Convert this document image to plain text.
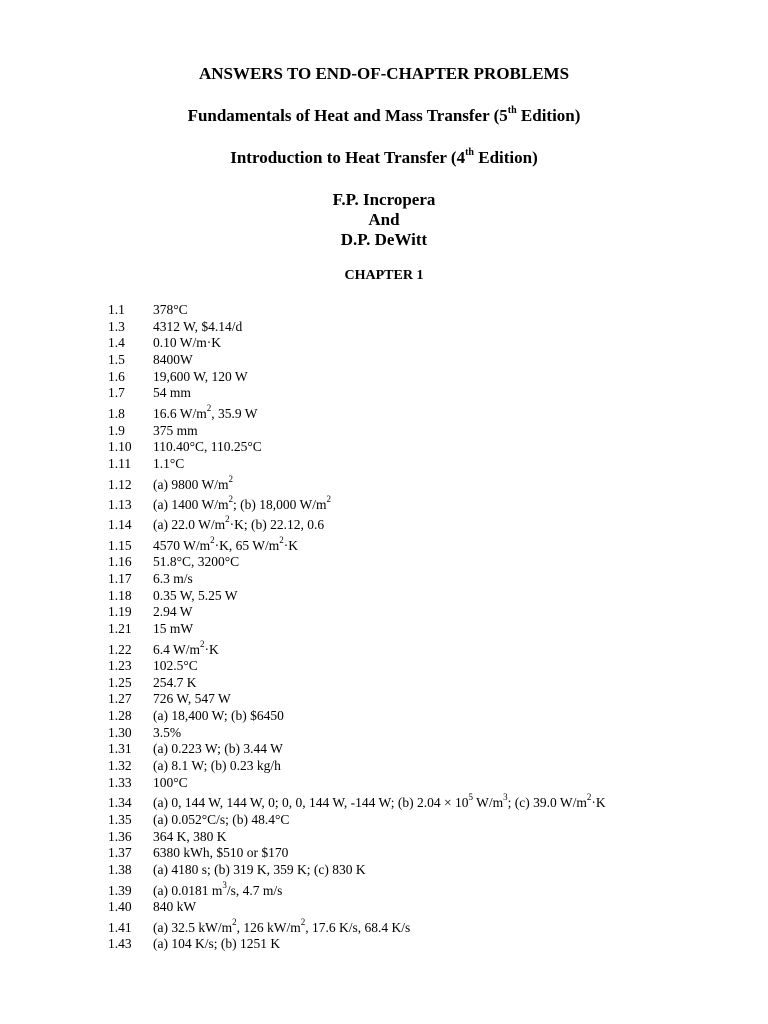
ANSWERS TO END-OF-CHAPTER PROBLEMS
Fundamentals of Heat and Mass Transfer (5th Edition)
Introduction to Heat Transfer (4th Edition)
F.P. Incropera
And
D.P. DeWitt
CHAPTER 1
1.1 378°C
1.3 4312 W, $4.14/d
1.4 0.10 W/m·K
1.5 8400W
1.6 19,600 W, 120 W
1.7 54 mm
1.8 16.6 $W/m^2$, 35.9 W
1.9 375 mm
1.10 110.40°C, 110.25°C
1.11 1.1°C
1.12 (a) 9800 $W/m^2$
1.13 (a) 1400 $W/m^2$; (b) 18,000 $W/m^2$
1.14 (a) 22.0 $W/m^2\cdot K$; (b) 22.12, 0.6
1.15 4570 $W/m^2\cdot K$, 65 $W/m^2\cdot K$
1.16 51.8°C, 3200°C
1.17 6.3 m/s
1.18 0.35 W, 5.25 W
1.19 2.94 W
1.21 15 mW
1.22 6.4 $W/m^2\cdot K$
1.23 102.5°C
1.25 254.7 K
1.27 726 W, 547 W
1.28 (a) 18,400 W; (b) $6450
1.30 3.5%
1.31 (a) 0.223 W; (b) 3.44 W
1.32 (a) 8.1 W; (b) 0.23 kg/h
1.33 100°C
1.34 (a) 0, 144 W, 144 W, 0; 0, 0, 144 W, -144 W; (b) $2.04 \times 10^5$ $W/m^3$; (c) 39.0 $W/m^2\cdot K$
1.35 (a) 0.052°C/s; (b) 48.4°C
1.36 364 K, 380 K
1.37 6380 kWh, $510 or $170
1.38 (a) 4180 s; (b) 319 K, 359 K; (c) 830 K
1.39 (a) 0.0181 $m^3/s$, 4.7 m/s
1.40 840 kW
1.41 (a) 32.5 $kW/m^2$, 126 $kW/m^2$, 17.6 K/s, 68.4 K/s
1.43 (a) 104 K/s; (b) 1251 K
